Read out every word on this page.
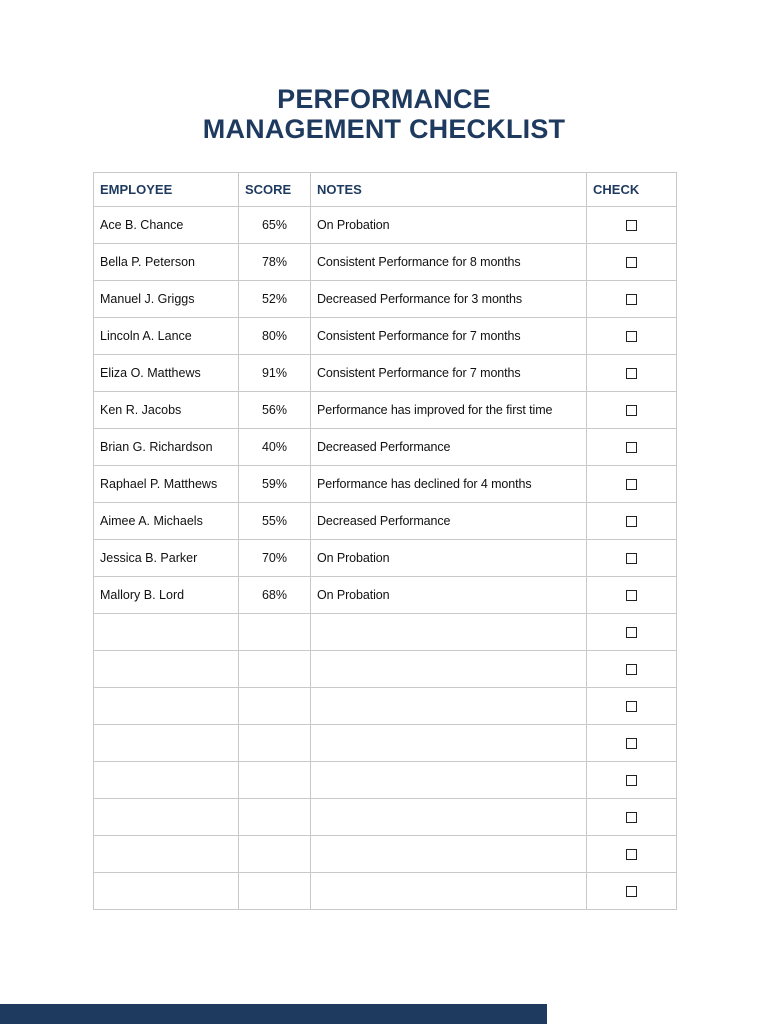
PERFORMANCE
MANAGEMENT CHECKLIST
EMPLOYEE	SCORE	NOTES	CHECK
Ace B. Chance	65%	On Probation	
Bella P. Peterson	78%	Consistent Performance for 8 months	
Manuel J. Griggs	52%	Decreased Performance for 3 months	
Lincoln A. Lance	80%	Consistent Performance for 7 months	
Eliza O. Matthews	91%	Consistent Performance for 7 months	
Ken R. Jacobs	56%	Performance has improved for the first time	
Brian G. Richardson	40%	Decreased Performance	
Raphael P. Matthews	59%	Performance has declined for 4 months	
Aimee A. Michaels	55%	Decreased Performance	
Jessica B. Parker	70%	On Probation	
Mallory B. Lord	68%	On Probation	
